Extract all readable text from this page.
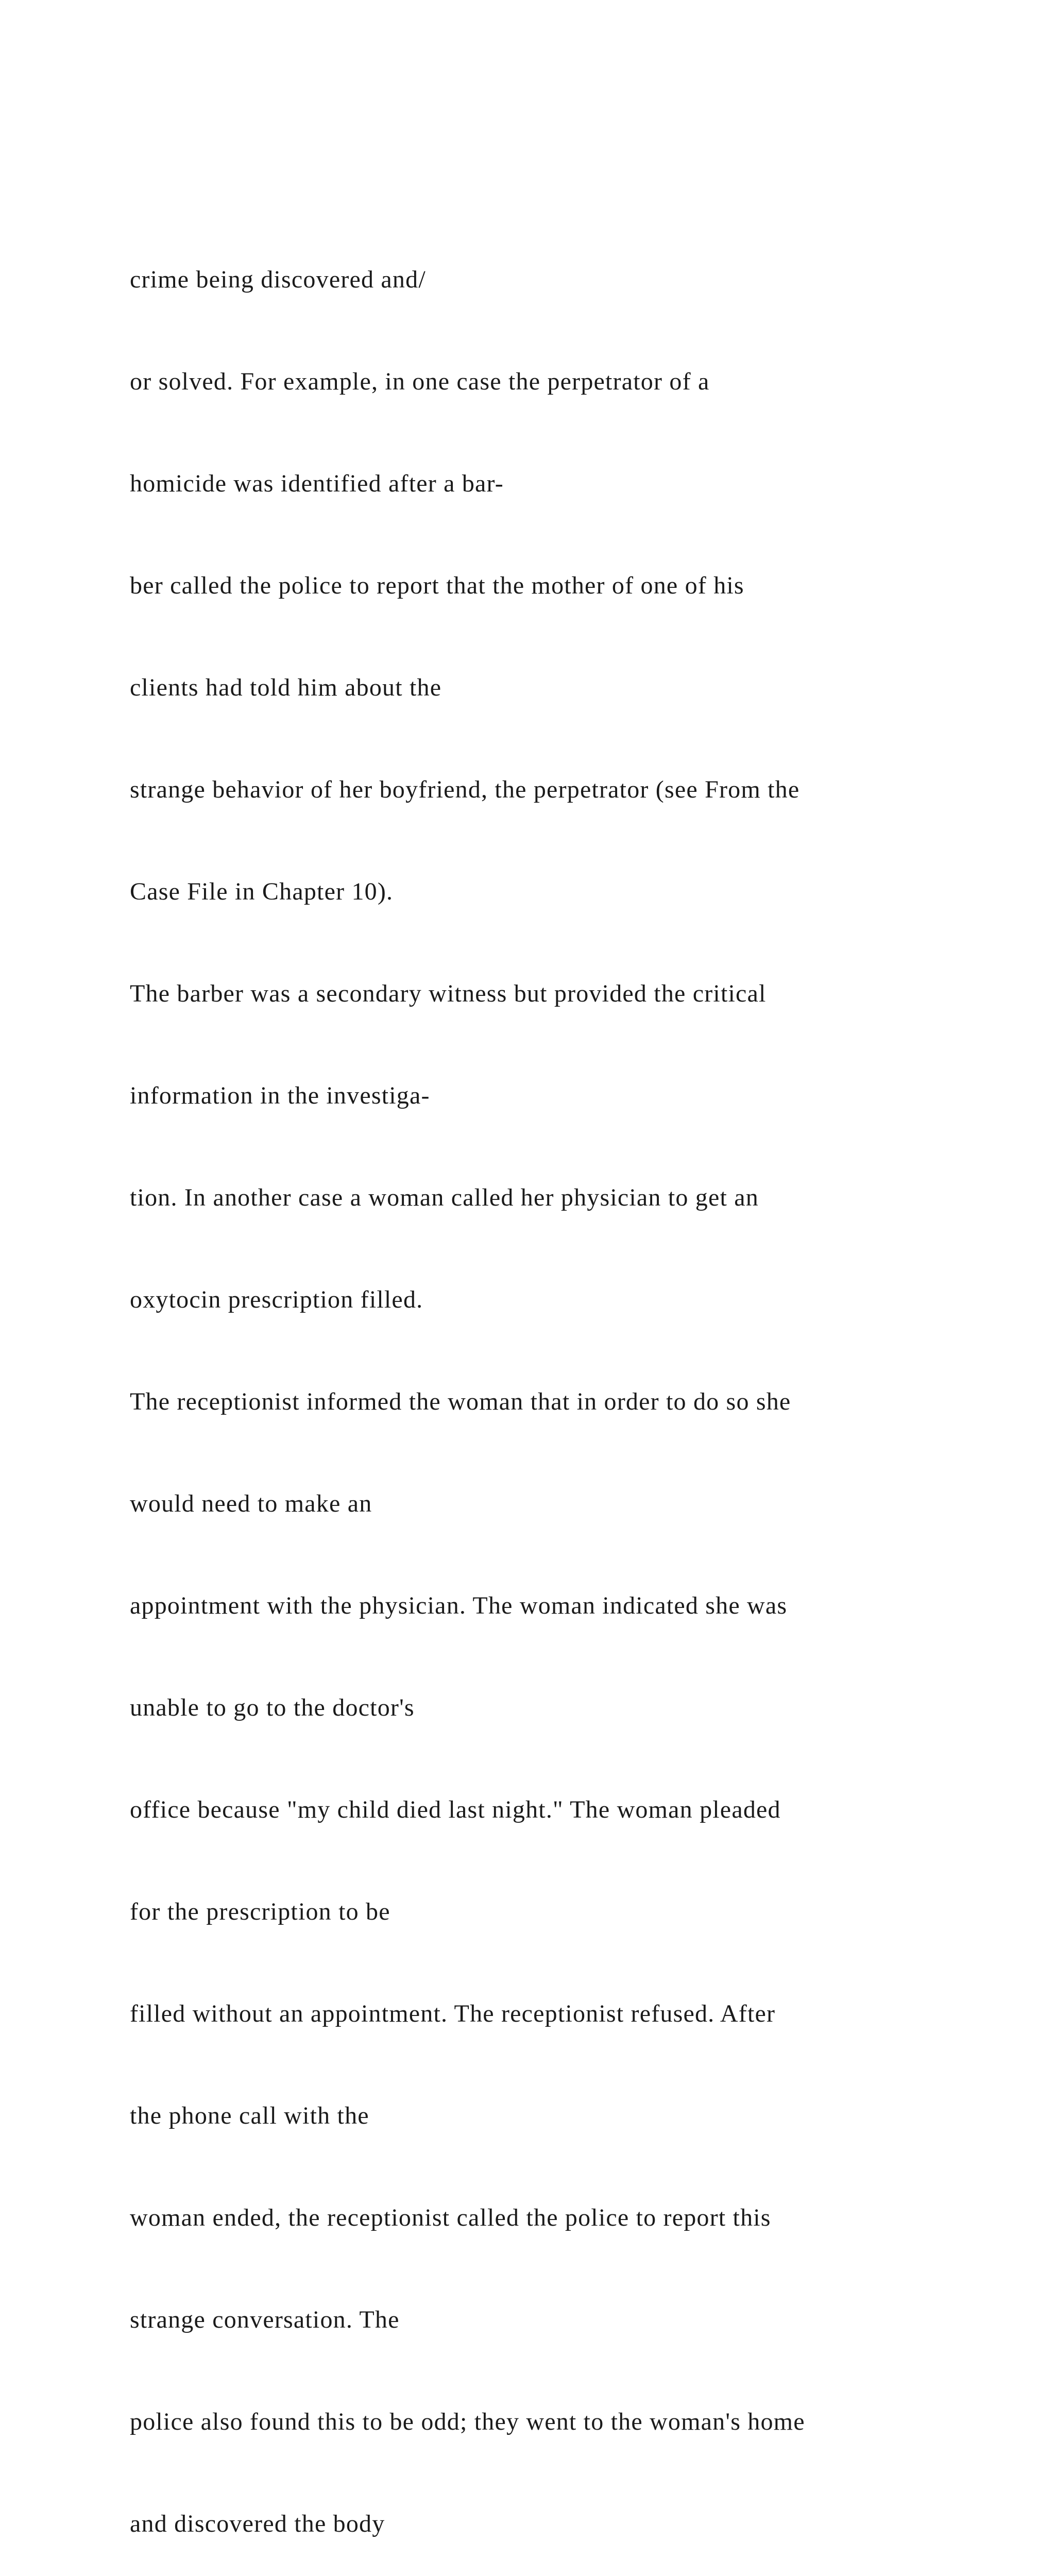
crime being discovered and/

or solved. For example, in one case the perpetrator of a

homicide was identified after a bar-

ber called the police to report that the mother of one of his

clients had told him about the

strange behavior of her boyfriend, the perpetrator (see From the

Case File in Chapter 10).

The barber was a secondary witness but provided the critical

information in the investiga-

tion. In another case a woman called her physician to get an

oxytocin prescription filled.

The receptionist informed the woman that in order to do so she

would need to make an

appointment with the physician. The woman indicated she was

unable to go to the doctor's

office because "my child died last night." The woman pleaded

for the prescription to be

filled without an appointment. The receptionist refused. After

the phone call with the

woman ended, the receptionist called the police to report this

strange conversation. The

police also found this to be odd; they went to the woman's home

and discovered the body
